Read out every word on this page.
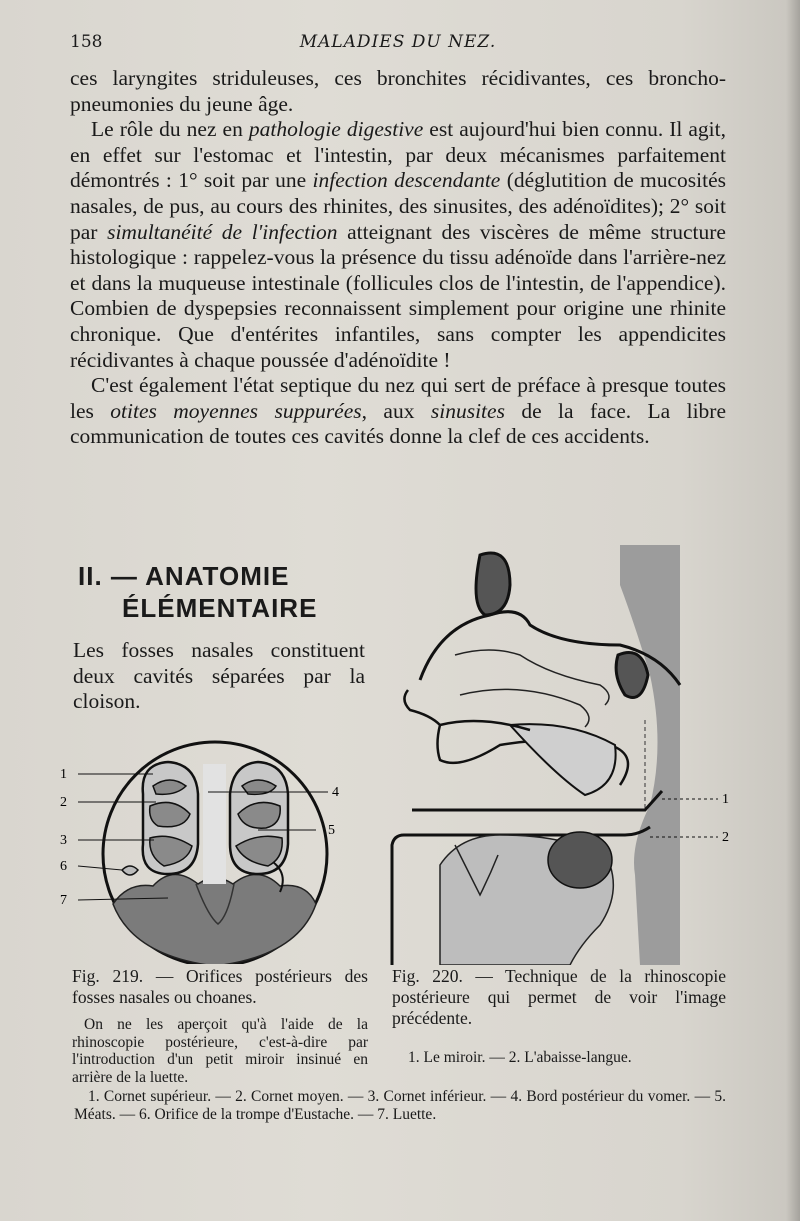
158	MALADIES DU NEZ.

ces laryngites striduleuses, ces bronchites récidivantes, ces broncho-pneumonies du jeune âge.

Le rôle du nez en pathologie digestive est aujourd'hui bien connu. Il agit, en effet sur l'estomac et l'intestin, par deux mécanismes parfaitement démontrés : 1° soit par une infection descendante (déglutition de mucosités nasales, de pus, au cours des rhinites, des sinusites, des adénoïdites); 2° soit par simultanéité de l'infection atteignant des viscères de même structure histologique : rappelez-vous la présence du tissu adénoïde dans l'arrière-nez et dans la muqueuse intestinale (follicules clos de l'intestin, de l'appendice). Combien de dyspepsies reconnaissent simplement pour origine une rhinite chronique. Que d'entérites infantiles, sans compter les appendicites récidivantes à chaque poussée d'adénoïdite !

C'est également l'état septique du nez qui sert de préface à presque toutes les otites moyennes suppurées, aux sinusites de la face. La libre communication de toutes ces cavités donne la clef de ces accidents.

II. — ANATOMIE
ÉLÉMENTAIRE
Les fosses nasales constituent deux cavités séparées par la cloison.
1
2
3
6
7
4
5
1
2
Fig. 219. — Orifices postérieurs des fosses nasales ou choanes.
On ne les aperçoit qu'à l'aide de la rhinoscopie postérieure, c'est-à-dire par l'introduction d'un petit miroir insinué en arrière de la luette.
Fig. 220. — Technique de la rhinoscopie postérieure qui permet de voir l'image précédente.
1. Le miroir. — 2. L'abaisse-langue.
1. Cornet supérieur. — 2. Cornet moyen. — 3. Cornet inférieur. — 4. Bord postérieur du vomer. — 5. Méats. — 6. Orifice de la trompe d'Eustache. — 7. Luette.
